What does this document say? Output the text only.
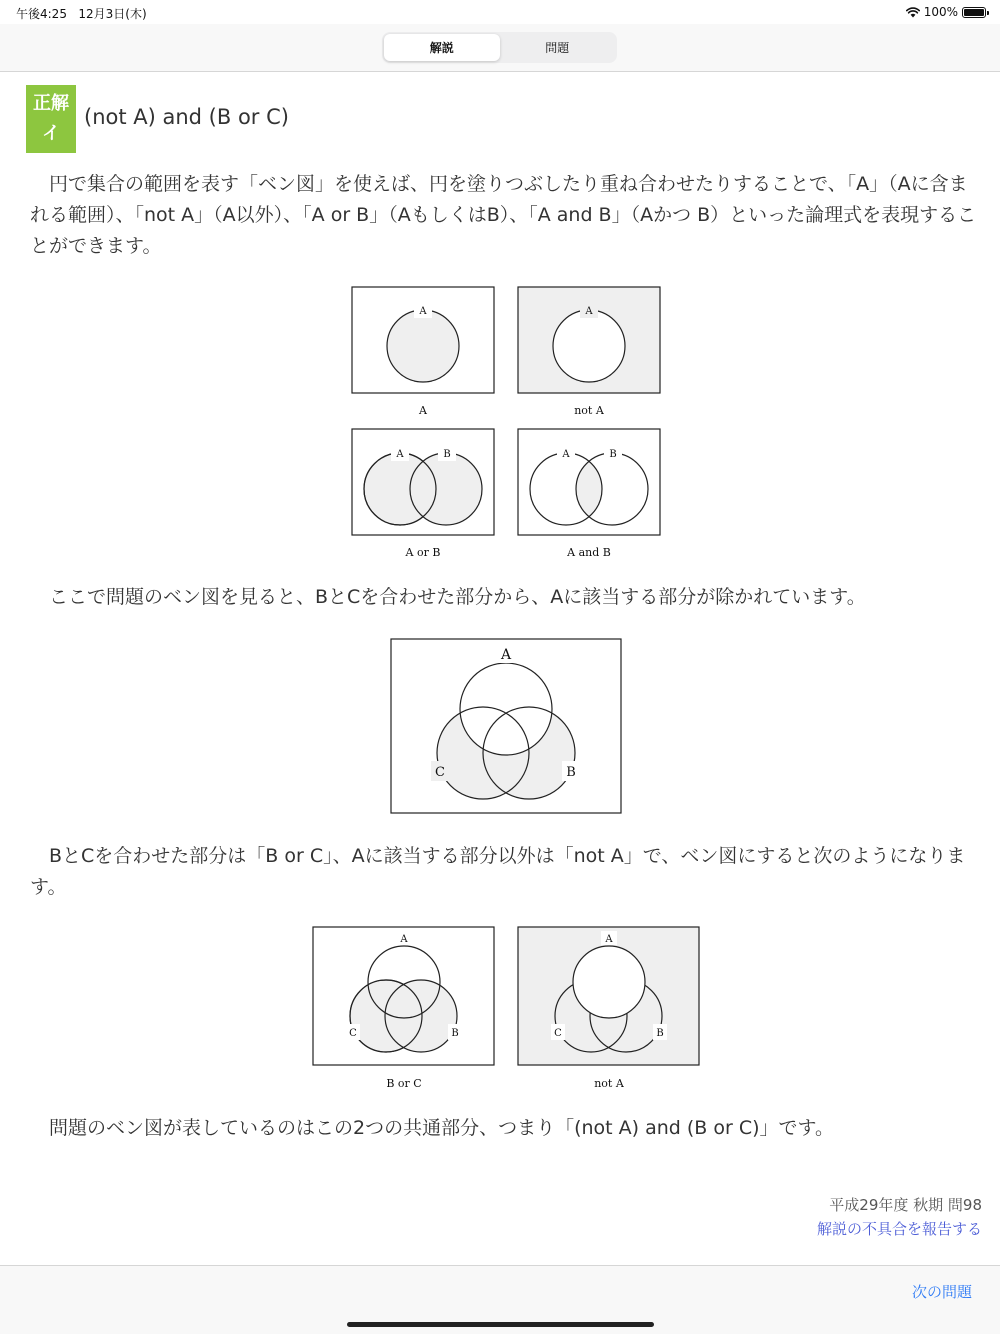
午後4:25 12月3日(木)	100%
解説	問題
正解
イ
(not A) and (B or C)

　円で集合の範囲を表す「ベン図」を使えば、円を塗りつぶしたり重ね合わせたりすることで、「A」（Aに含まれる範囲）、「not A」（A以外）、「A or B」（AもしくはB）、「A and B」（Aかつ B）といった論理式を表現することができます。

A
A
A
not A
A	B
A or B
A	B
A and B

　ここで問題のベン図を見ると、BとCを合わせた部分から、Aに該当する部分が除かれています。

A
C	B

　BとCを合わせた部分は「B or C」、Aに該当する部分以外は「not A」で、ベン図にすると次のようになります。

A
C	B
B or C
A
C	B
not A

　問題のベン図が表しているのはこの2つの共通部分、つまり「(not A) and (B or C)」です。

平成29年度 秋期 問98
解説の不具合を報告する
次の問題
